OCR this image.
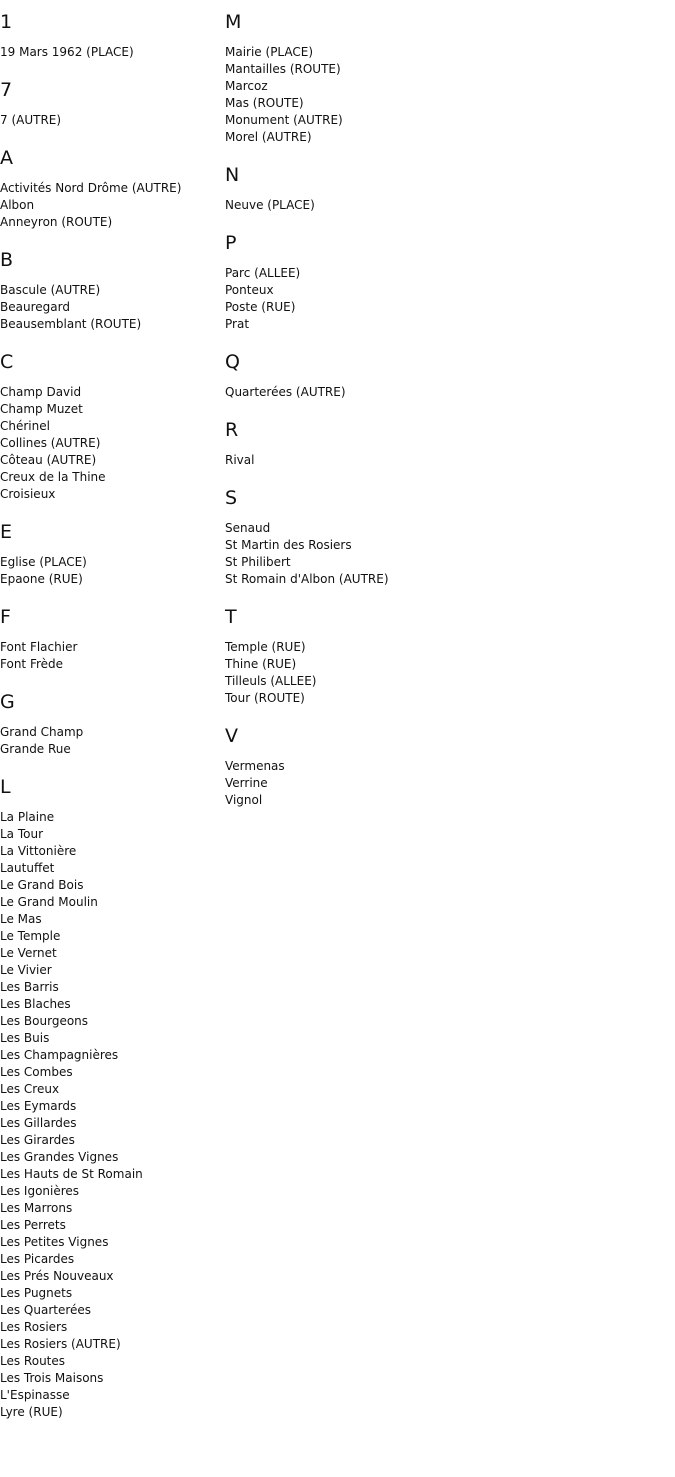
1
19 Mars 1962 (PLACE)
7
7 (AUTRE)
A
Activités Nord Drôme (AUTRE)
Albon
Anneyron (ROUTE)
B
Bascule (AUTRE)
Beauregard
Beausemblant (ROUTE)
C
Champ David
Champ Muzet
Chérinel
Collines (AUTRE)
Côteau (AUTRE)
Creux de la Thine
Croisieux
E
Eglise (PLACE)
Epaone (RUE)
F
Font Flachier
Font Frède
G
Grand Champ
Grande Rue
L
La Plaine
La Tour
La Vittonière
Lautuffet
Le Grand Bois
Le Grand Moulin
Le Mas
Le Temple
Le Vernet
Le Vivier
Les Barris
Les Blaches
Les Bourgeons
Les Buis
Les Champagnières
Les Combes
Les Creux
Les Eymards
Les Gillardes
Les Girardes
Les Grandes Vignes
Les Hauts de St Romain
Les Igonières
Les Marrons
Les Perrets
Les Petites Vignes
Les Picardes
Les Prés Nouveaux
Les Pugnets
Les Quarterées
Les Rosiers
Les Rosiers (AUTRE)
Les Routes
Les Trois Maisons
L'Espinasse
Lyre (RUE)
M
Mairie (PLACE)
Mantailles (ROUTE)
Marcoz
Mas (ROUTE)
Monument (AUTRE)
Morel (AUTRE)
N
Neuve (PLACE)
P
Parc (ALLEE)
Ponteux
Poste (RUE)
Prat
Q
Quarterées (AUTRE)
R
Rival
S
Senaud
St Martin des Rosiers
St Philibert
St Romain d'Albon (AUTRE)
T
Temple (RUE)
Thine (RUE)
Tilleuls (ALLEE)
Tour (ROUTE)
V
Vermenas
Verrine
Vignol
